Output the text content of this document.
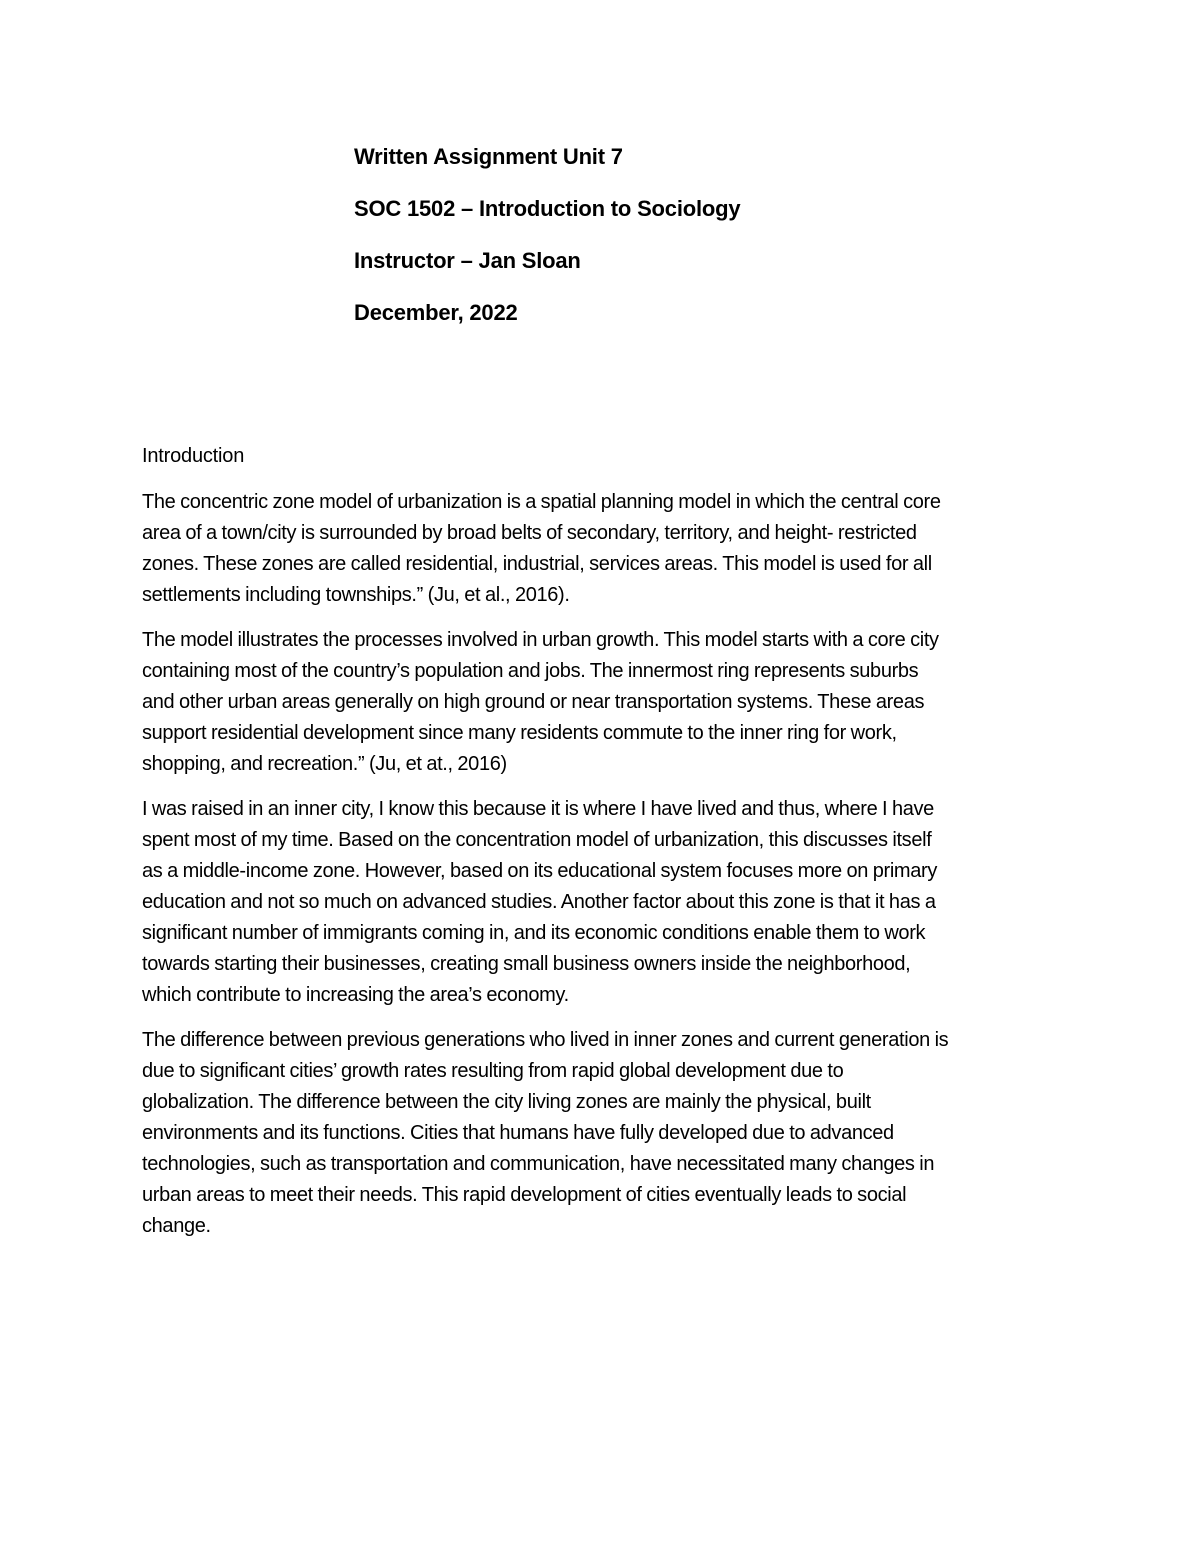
Written Assignment Unit 7
SOC 1502 – Introduction to Sociology
Instructor – Jan Sloan
December, 2022
Introduction
The concentric zone model of urbanization is a spatial planning model in which the central core
area of a town/city is surrounded by broad belts of secondary, territory, and height- restricted
zones. These zones are called residential, industrial, services areas. This model is used for all
settlements including townships.” (Ju, et al., 2016).
The model illustrates the processes involved in urban growth. This model starts with a core city
containing most of the country’s population and jobs. The innermost ring represents suburbs
and other urban areas generally on high ground or near transportation systems. These areas
support residential development since many residents commute to the inner ring for work,
shopping, and recreation.” (Ju, et at., 2016)
I was raised in an inner city, I know this because it is where I have lived and thus, where I have
spent most of my time. Based on the concentration model of urbanization, this discusses itself
as a middle-income zone. However, based on its educational system focuses more on primary
education and not so much on advanced studies. Another factor about this zone is that it has a
significant number of immigrants coming in, and its economic conditions enable them to work
towards starting their businesses, creating small business owners inside the neighborhood,
which contribute to increasing the area’s economy.
The difference between previous generations who lived in inner zones and current generation is
due to significant cities’ growth rates resulting from rapid global development due to
globalization. The difference between the city living zones are mainly the physical, built
environments and its functions. Cities that humans have fully developed due to advanced
technologies, such as transportation and communication, have necessitated many changes in
urban areas to meet their needs. This rapid development of cities eventually leads to social
change.
